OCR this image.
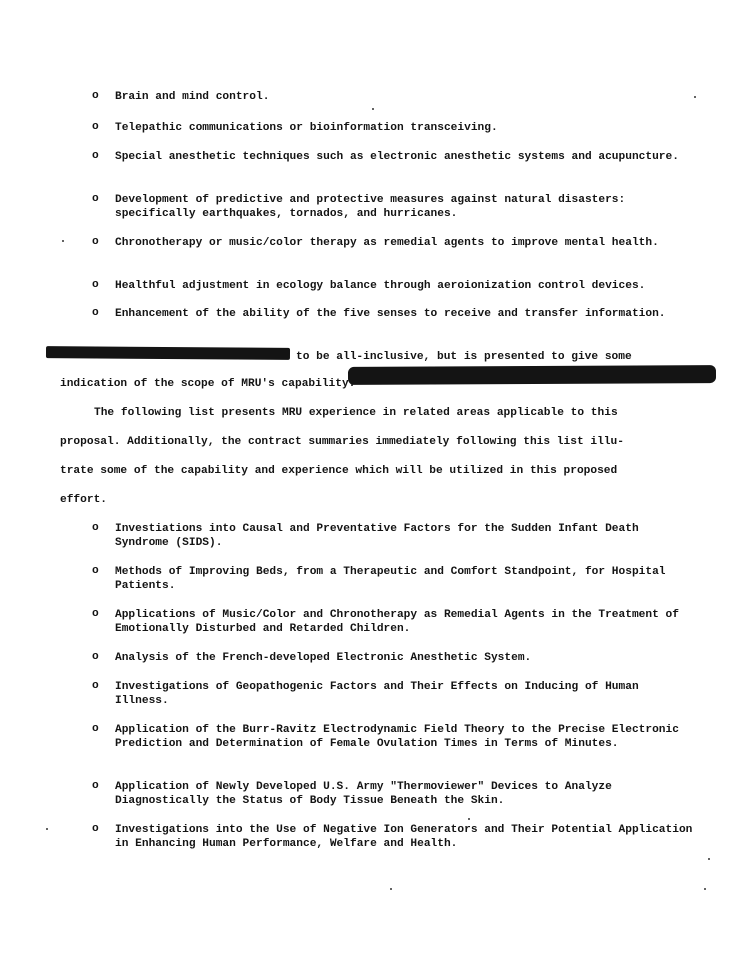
o Brain and mind control.
o Telepathic communications or bioinformation transceiving.
o Special anesthetic techniques such as electronic anesthetic systems and acupuncture.
o Development of predictive and protective measures against natural disasters: specifically earthquakes, tornados, and hurricanes.
o Chronotherapy or music/color therapy as remedial agents to improve mental health.
o Healthful adjustment in ecology balance through aeroionization control devices.
o Enhancement of the ability of the five senses to receive and transfer information.
to be all-inclusive, but is presented to give some
indication of the scope of MRU's capability.
The following list presents MRU experience in related areas applicable to this
proposal. Additionally, the contract summaries immediately following this list illu-
trate some of the capability and experience which will be utilized in this proposed
effort.
o Investiations into Causal and Preventative Factors for the Sudden Infant Death Syndrome (SIDS).
o Methods of Improving Beds, from a Therapeutic and Comfort Standpoint, for Hospital Patients.
o Applications of Music/Color and Chronotherapy as Remedial Agents in the Treatment of Emotionally Disturbed and Retarded Children.
o Analysis of the French-developed Electronic Anesthetic System.
o Investigations of Geopathogenic Factors and Their Effects on Inducing of Human Illness.
o Application of the Burr-Ravitz Electrodynamic Field Theory to the Precise Electronic Prediction and Determination of Female Ovulation Times in Terms of Minutes.
o Application of Newly Developed U.S. Army "Thermoviewer" Devices to Analyze Diagnostically the Status of Body Tissue Beneath the Skin.
o Investigations into the Use of Negative Ion Generators and Their Potential Application in Enhancing Human Performance, Welfare and Health.
